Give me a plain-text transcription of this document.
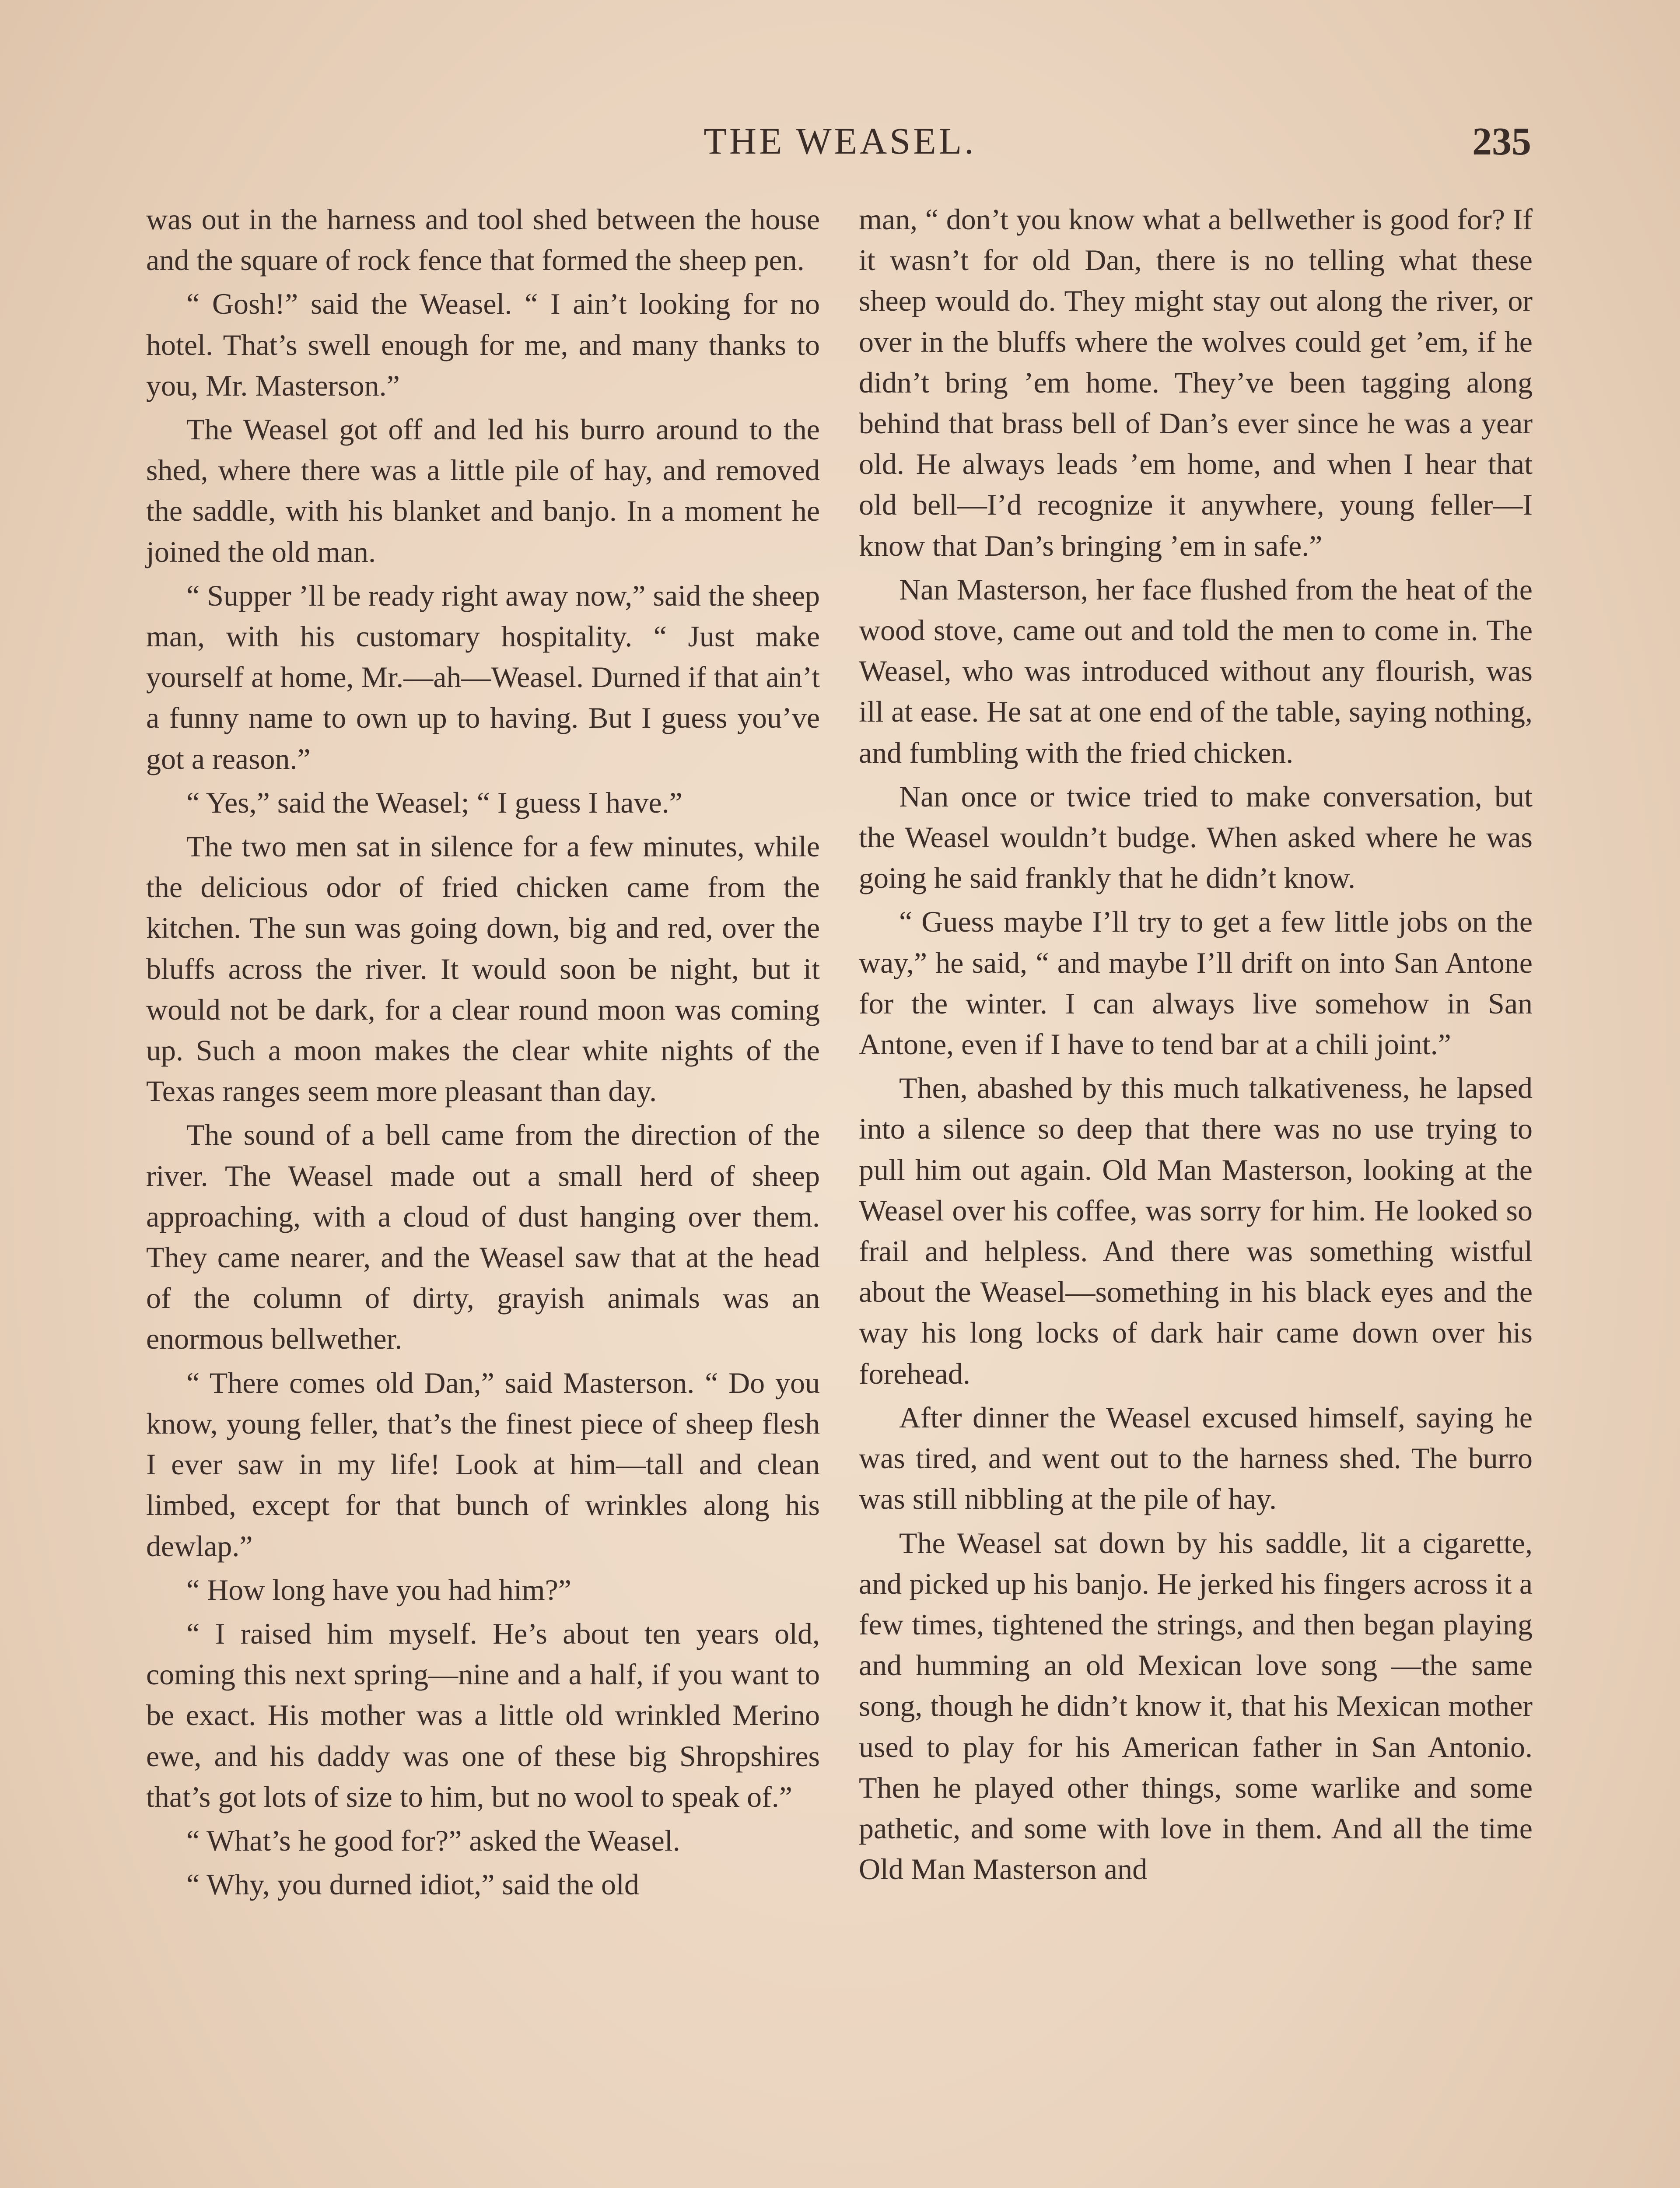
THE WEASEL.	235

was out in the harness and tool shed between the house and the square of rock fence that formed the sheep pen.

“ Gosh!” said the Weasel. “ I ain’t looking for no hotel. That’s swell enough for me, and many thanks to you, Mr. Masterson.”

The Weasel got off and led his burro around to the shed, where there was a little pile of hay, and removed the saddle, with his blanket and banjo. In a moment he joined the old man.

“ Supper ’ll be ready right away now,” said the sheep man, with his customary hospitality. “ Just make yourself at home, Mr.—ah—Weasel. Durned if that ain’t a funny name to own up to having. But I guess you’ve got a reason.”

“ Yes,” said the Weasel; “ I guess I have.”

The two men sat in silence for a few minutes, while the delicious odor of fried chicken came from the kitchen. The sun was going down, big and red, over the bluffs across the river. It would soon be night, but it would not be dark, for a clear round moon was coming up. Such a moon makes the clear white nights of the Texas ranges seem more pleasant than day.

The sound of a bell came from the direction of the river. The Weasel made out a small herd of sheep approaching, with a cloud of dust hanging over them. They came nearer, and the Weasel saw that at the head of the column of dirty, grayish animals was an enormous bellwether.

“ There comes old Dan,” said Masterson. “ Do you know, young feller, that’s the finest piece of sheep flesh I ever saw in my life! Look at him—tall and clean limbed, except for that bunch of wrinkles along his dewlap.”

“ How long have you had him?”

“ I raised him myself. He’s about ten years old, coming this next spring—nine and a half, if you want to be exact. His mother was a little old wrinkled Merino ewe, and his daddy was one of these big Shropshires that’s got lots of size to him, but no wool to speak of.”

“ What’s he good for?” asked the Weasel.

“ Why, you durned idiot,” said the old

man, “ don’t you know what a bellwether is good for? If it wasn’t for old Dan, there is no telling what these sheep would do. They might stay out along the river, or over in the bluffs where the wolves could get ’em, if he didn’t bring ’em home. They’ve been tagging along behind that brass bell of Dan’s ever since he was a year old. He always leads ’em home, and when I hear that old bell—I’d recognize it anywhere, young feller—I know that Dan’s bringing ’em in safe.”

Nan Masterson, her face flushed from the heat of the wood stove, came out and told the men to come in. The Weasel, who was introduced without any flourish, was ill at ease. He sat at one end of the table, saying nothing, and fumbling with the fried chicken.

Nan once or twice tried to make conversation, but the Weasel wouldn’t budge. When asked where he was going he said frankly that he didn’t know.

“ Guess maybe I’ll try to get a few little jobs on the way,” he said, “ and maybe I’ll drift on into San Antone for the winter. I can always live somehow in San Antone, even if I have to tend bar at a chili joint.”

Then, abashed by this much talkativeness, he lapsed into a silence so deep that there was no use trying to pull him out again. Old Man Masterson, looking at the Weasel over his coffee, was sorry for him. He looked so frail and helpless. And there was something wistful about the Weasel—something in his black eyes and the way his long locks of dark hair came down over his forehead.

After dinner the Weasel excused himself, saying he was tired, and went out to the harness shed. The burro was still nibbling at the pile of hay.

The Weasel sat down by his saddle, lit a cigarette, and picked up his banjo. He jerked his fingers across it a few times, tightened the strings, and then began playing and humming an old Mexican love song —the same song, though he didn’t know it, that his Mexican mother used to play for his American father in San Antonio. Then he played other things, some warlike and some pathetic, and some with love in them. And all the time Old Man Masterson and
